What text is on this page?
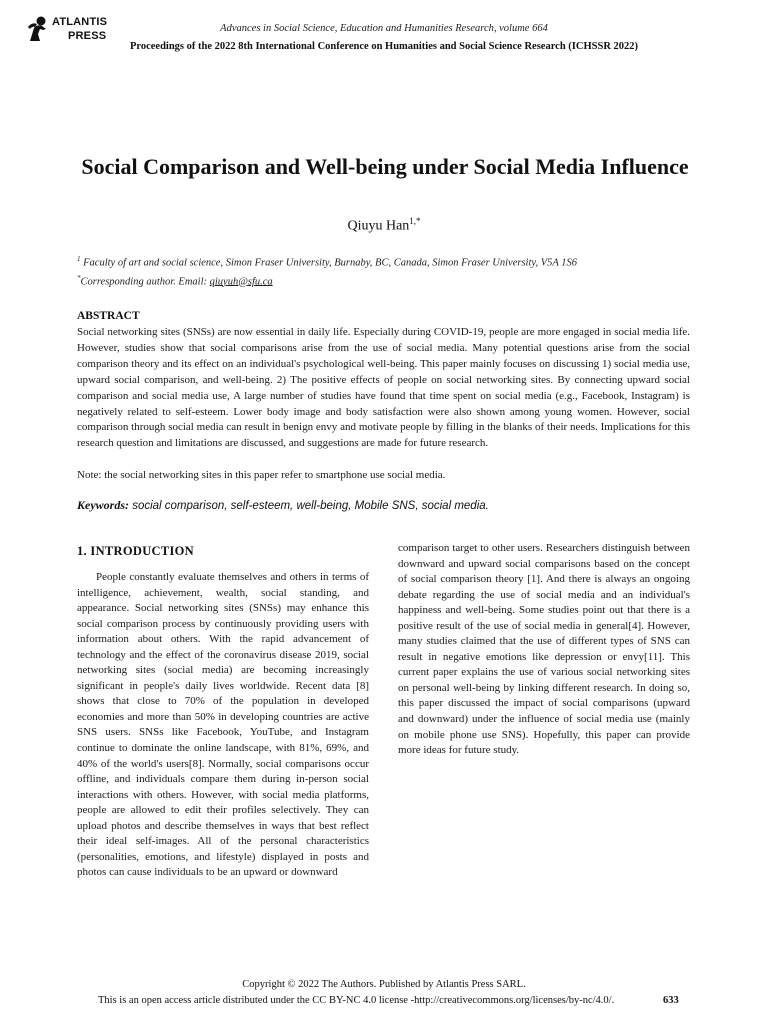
ATLANTIS
PRESS
Advances in Social Science, Education and Humanities Research, volume 664
Proceedings of the 2022 8th International Conference on Humanities and Social Science Research (ICHSSR 2022)
Social Comparison and Well-being under Social Media Influence
Qiuyu Han$^{1,*}$
$^1$ Faculty of art and social science, Simon Fraser University, Burnaby, BC, Canada, Simon Fraser University, V5A 1S6
*Corresponding author. Email: qiuyuh@sfu.ca
ABSTRACT
Social networking sites (SNSs) are now essential in daily life. Especially during COVID-19, people are more engaged in social media life. However, studies show that social comparisons arise from the use of social media. Many potential questions arise from the social comparison theory and its effect on an individual's psychological well-being. This paper mainly focuses on discussing 1) social media use, upward social comparison, and well-being. 2) The positive effects of people on social networking sites. By connecting upward social comparison and social media use, A large number of studies have found that time spent on social media (e.g., Facebook, Instagram) is negatively related to self-esteem. Lower body image and body satisfaction were also shown among young women. However, social comparison through social media can result in benign envy and motivate people by filling in the blanks of their needs. Implications for this research question and limitations are discussed, and suggestions are made for future research.
Note: the social networking sites in this paper refer to smartphone use social media.
Keywords: social comparison, self-esteem, well-being, Mobile SNS, social media.
1. INTRODUCTION

People constantly evaluate themselves and others in terms of intelligence, achievement, wealth, social standing, and appearance. Social networking sites (SNSs) may enhance this social comparison process by continuously providing users with information about others. With the rapid advancement of technology and the effect of the coronavirus disease 2019, social networking sites (social media) are becoming increasingly significant in people's daily lives worldwide. Recent data [8] shows that close to 70% of the population in developed economies and more than 50% in developing countries are active SNS users. SNSs like Facebook, YouTube, and Instagram continue to dominate the online landscape, with 81%, 69%, and 40% of the world's users[8]. Normally, social comparisons occur offline, and individuals compare them during in-person social interactions with others. However, with social media platforms, people are allowed to edit their profiles selectively. They can upload photos and describe themselves in ways that best reflect their ideal self-images. All of the personal characteristics (personalities, emotions, and lifestyle) displayed in posts and photos can cause individuals to be an upward or downward

comparison target to other users. Researchers distinguish between downward and upward social comparisons based on the concept of social comparison theory [1]. And there is always an ongoing debate regarding the use of social media and an individual's happiness and well-being. Some studies point out that there is a positive result of the use of social media in general[4]. However, many studies claimed that the use of different types of SNS can result in negative emotions like depression or envy[11]. This current paper explains the use of various social networking sites on personal well-being by linking different research. In doing so, this paper discussed the impact of social comparisons (upward and downward) under the influence of social media use (mainly on mobile phone use SNS). Hopefully, this paper can provide more ideas for future study.

Copyright © 2022 The Authors. Published by Atlantis Press SARL.
This is an open access article distributed under the CC BY-NC 4.0 license -http://creativecommons.org/licenses/by-nc/4.0/.	633
